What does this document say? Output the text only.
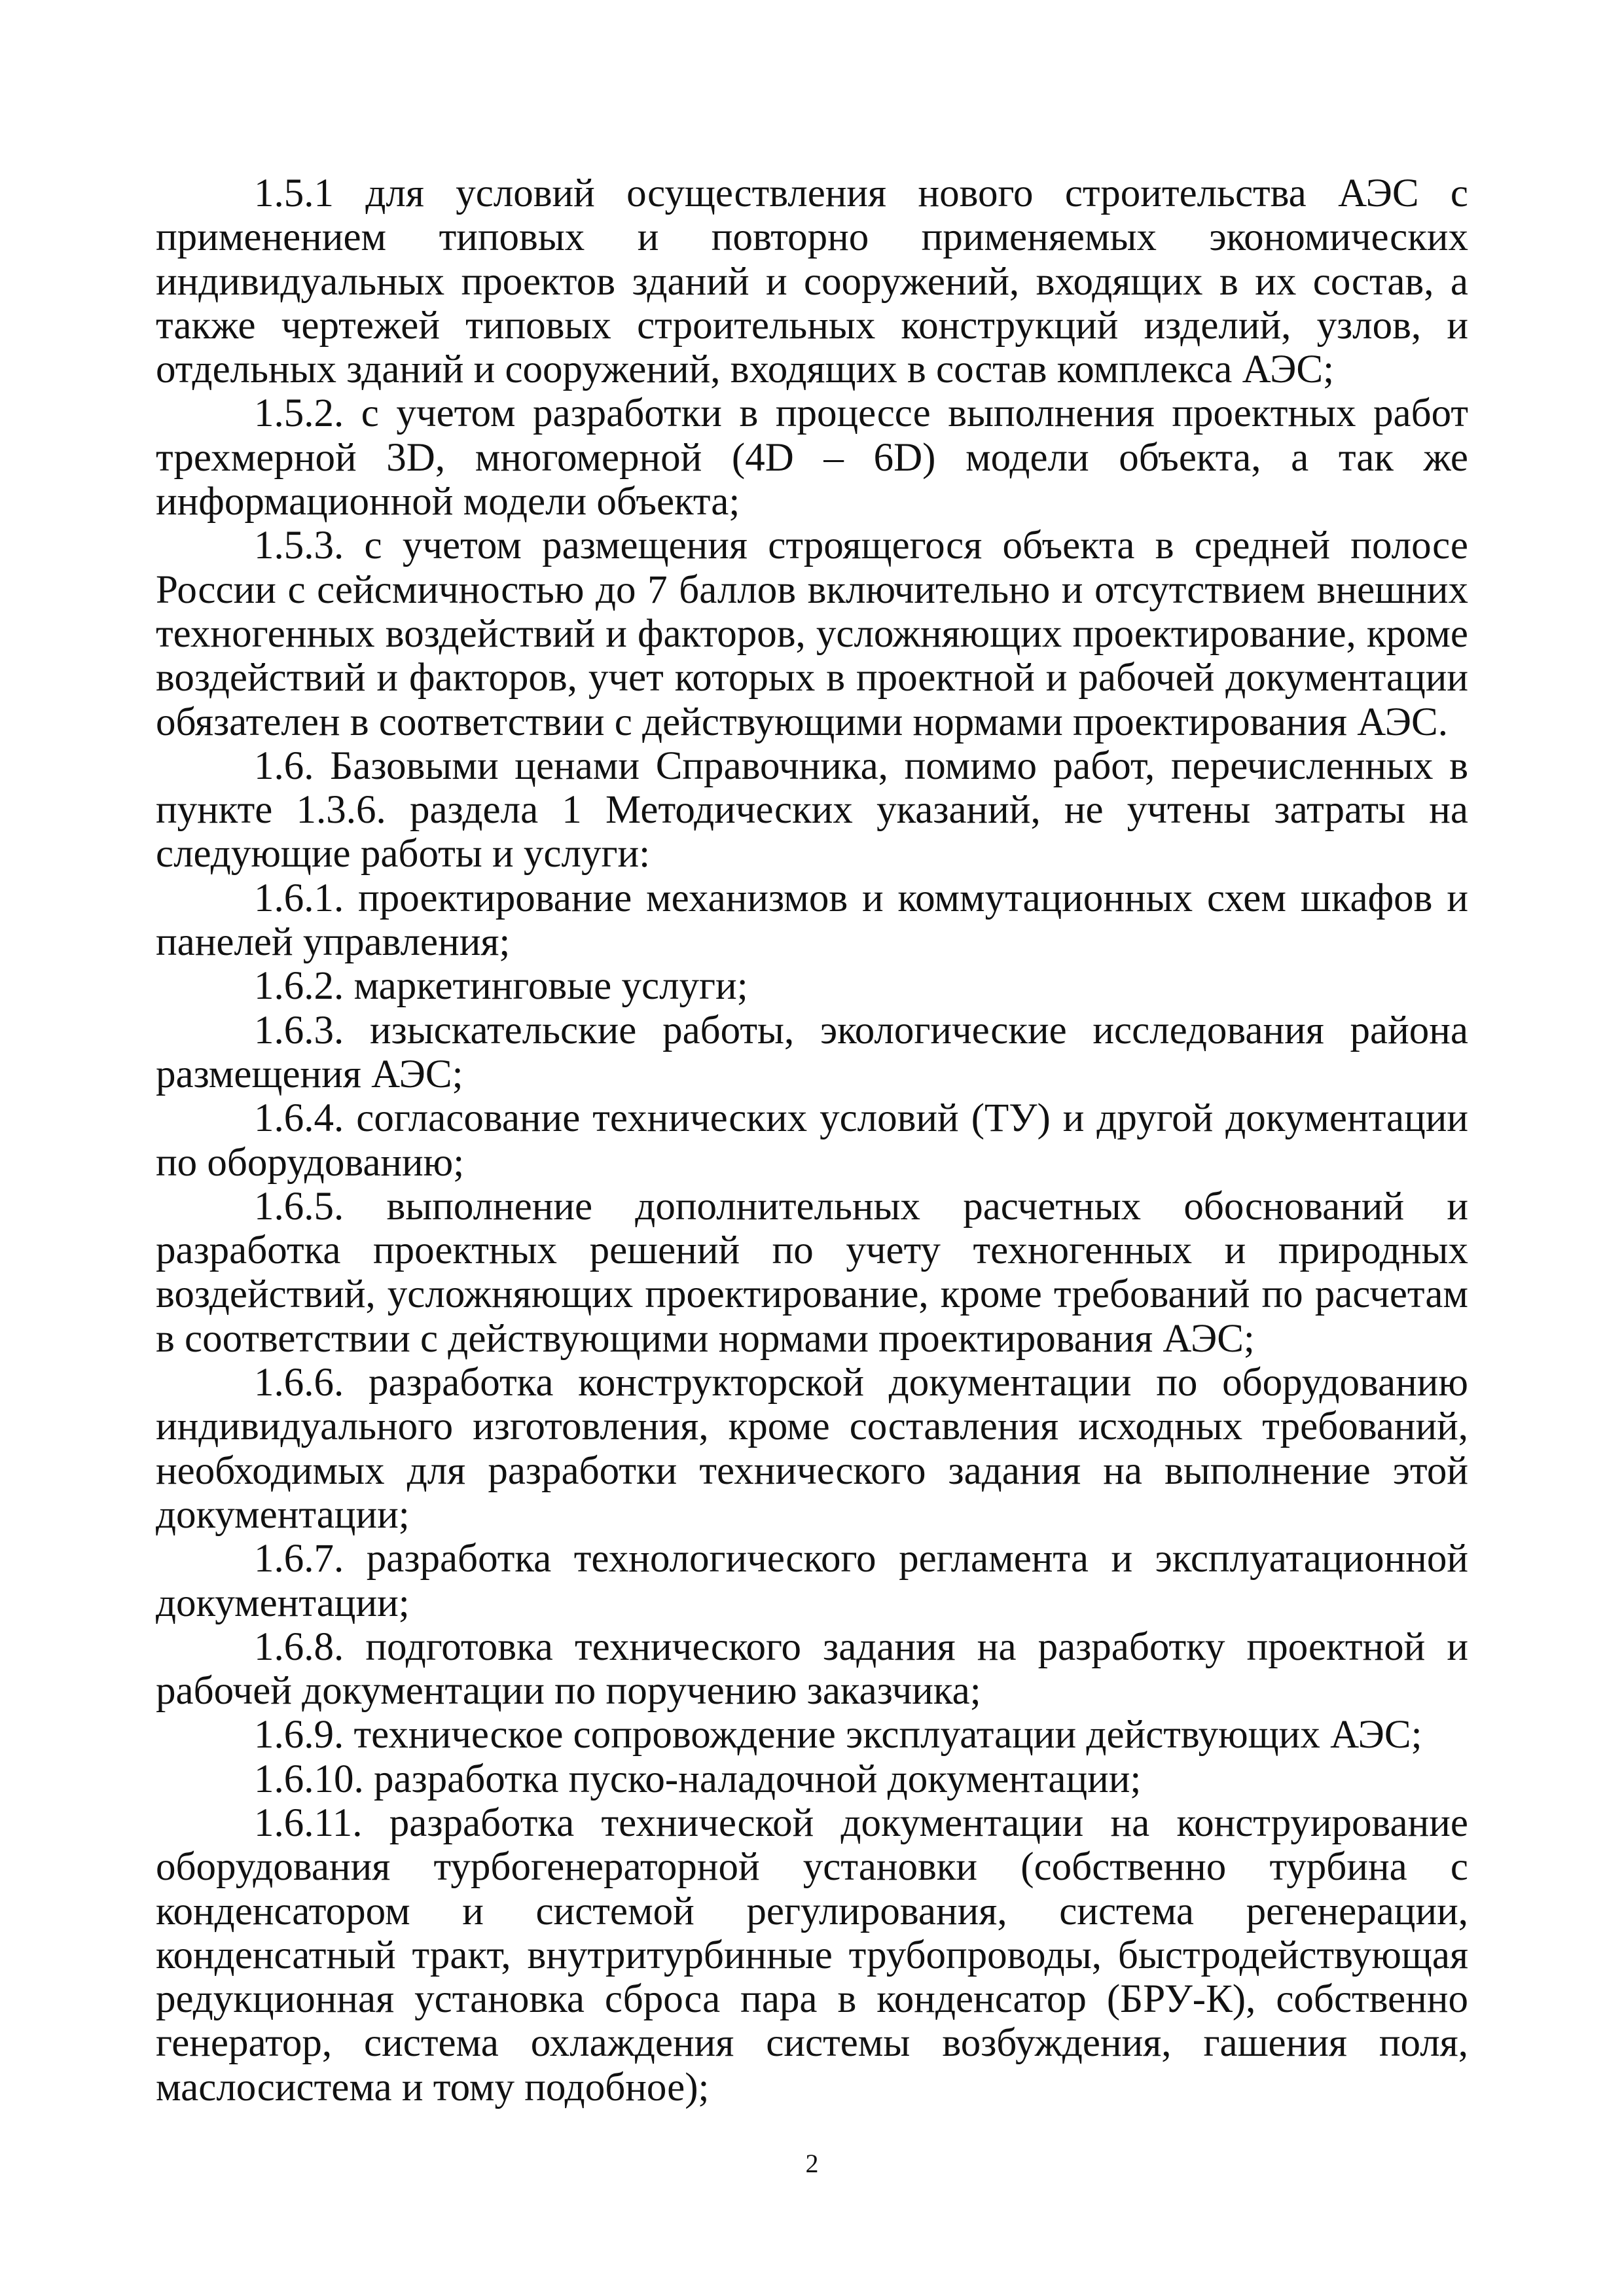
1.5.1 для условий осуществления нового строительства АЭС с применением типовых и повторно применяемых экономических индивидуальных проектов зданий и сооружений, входящих в их состав, а также чертежей типовых строительных конструкций изделий, узлов, и отдельных зданий и сооружений, входящих в состав комплекса АЭС;

1.5.2. с учетом разработки в процессе выполнения проектных работ трехмерной 3D, многомерной (4D – 6D) модели объекта, а так же информационной модели объекта;

1.5.3. с учетом размещения строящегося объекта в средней полосе России с сейсмичностью до 7 баллов включительно и отсутствием внешних техногенных воздействий и факторов, усложняющих проектирование, кроме воздействий и факторов, учет которых в проектной и рабочей документации обязателен в соответствии с действующими нормами проектирования АЭС.

1.6. Базовыми ценами Справочника, помимо работ, перечисленных в пункте 1.3.6. раздела 1 Методических указаний, не учтены затраты на следующие работы и услуги:

1.6.1. проектирование механизмов и коммутационных схем шкафов и панелей управления;

1.6.2. маркетинговые услуги;

1.6.3. изыскательские работы, экологические исследования района размещения АЭС;

1.6.4. согласование технических условий (ТУ) и другой документации по оборудованию;

1.6.5. выполнение дополнительных расчетных обоснований и разработка проектных решений по учету техногенных и природных воздействий, усложняющих проектирование, кроме требований по расчетам в соответствии с действующими нормами проектирования АЭС;

1.6.6. разработка конструкторской документации по оборудованию индивидуального изготовления, кроме составления исходных требований, необходимых для разработки технического задания на выполнение этой документации;

1.6.7. разработка технологического регламента и эксплуатационной документации;

1.6.8. подготовка технического задания на разработку проектной и рабочей документации по поручению заказчика;

1.6.9. техническое сопровождение эксплуатации действующих АЭС;

1.6.10. разработка пуско-наладочной документации;

1.6.11. разработка технической документации на конструирование оборудования турбогенераторной установки (собственно турбина с конденсатором и системой регулирования, система регенерации, конденсатный тракт, внутритурбинные трубопроводы, быстродействующая редукционная установка сброса пара в конденсатор (БРУ-К), собственно генератор, система охлаждения системы возбуждения, гашения поля, маслосистема и тому подобное);

2
